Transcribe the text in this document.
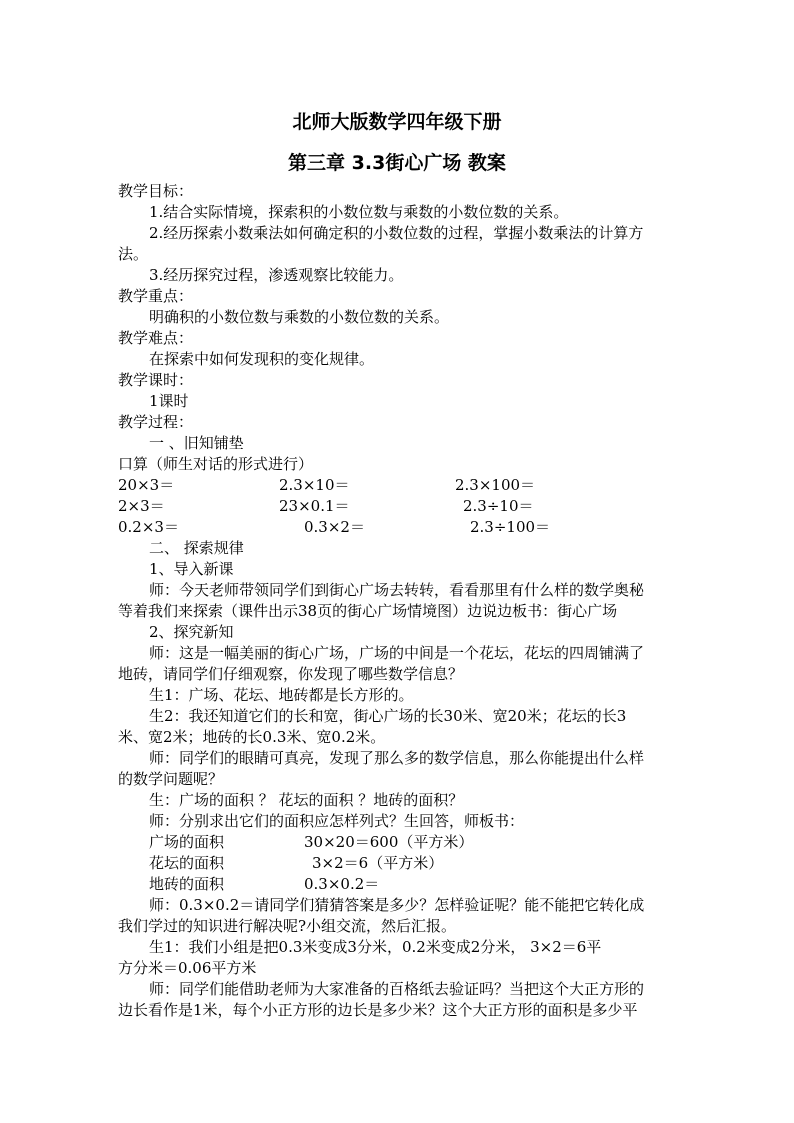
北师大版数学四年级下册
第三章 3.3街心广场 教案
教学目标：
1.结合实际情境，探索积的小数位数与乘数的小数位数的关系。
2.经历探索小数乘法如何确定积的小数位数的过程，掌握小数乘法的计算方
法。
3.经历探究过程，渗透观察比较能力。
教学重点：
明确积的小数位数与乘数的小数位数的关系。
教学难点：
在探索中如何发现积的变化规律。
教学课时：
1课时
教学过程：
一 、旧知铺垫
口算（师生对话的形式进行）
20×3＝	2.3×10＝	2.3×100＝
2×3＝	23×0.1＝	2.3÷10＝
0.2×3＝	0.3×2＝	2.3÷100＝
二、 探索规律
1、导入新课
师：今天老师带领同学们到街心广场去转转，看看那里有什么样的数学奥秘
等着我们来探索（课件出示38页的街心广场情境图）边说边板书：街心广场
2、探究新知
师：这是一幅美丽的街心广场，广场的中间是一个花坛，花坛的四周铺满了
地砖，请同学们仔细观察，你发现了哪些数学信息？
生1：广场、花坛、地砖都是长方形的。
生2：我还知道它们的长和宽，街心广场的长30米、宽20米；花坛的长3
米、宽2米；地砖的长0.3米、宽0.2米。
师：同学们的眼睛可真亮，发现了那么多的数学信息，那么你能提出什么样
的数学问题呢？
生：广场的面积 ？ 花坛的面积 ？地砖的面积？
师：分别求出它们的面积应怎样列式？生回答，师板书：
广场的面积	30×20＝600（平方米）
花坛的面积	3×2＝6（平方米）
地砖的面积	0.3×0.2＝
师：0.3×0.2＝请同学们猜猜答案是多少？怎样验证呢？能不能把它转化成
我们学过的知识进行解决呢?小组交流，然后汇报。
生1：我们小组是把0.3米变成3分米，0.2米变成2分米， 3×2＝6平
方分米＝0.06平方米
师：同学们能借助老师为大家准备的百格纸去验证吗？当把这个大正方形的
边长看作是1米，每个小正方形的边长是多少米？这个大正方形的面积是多少平
